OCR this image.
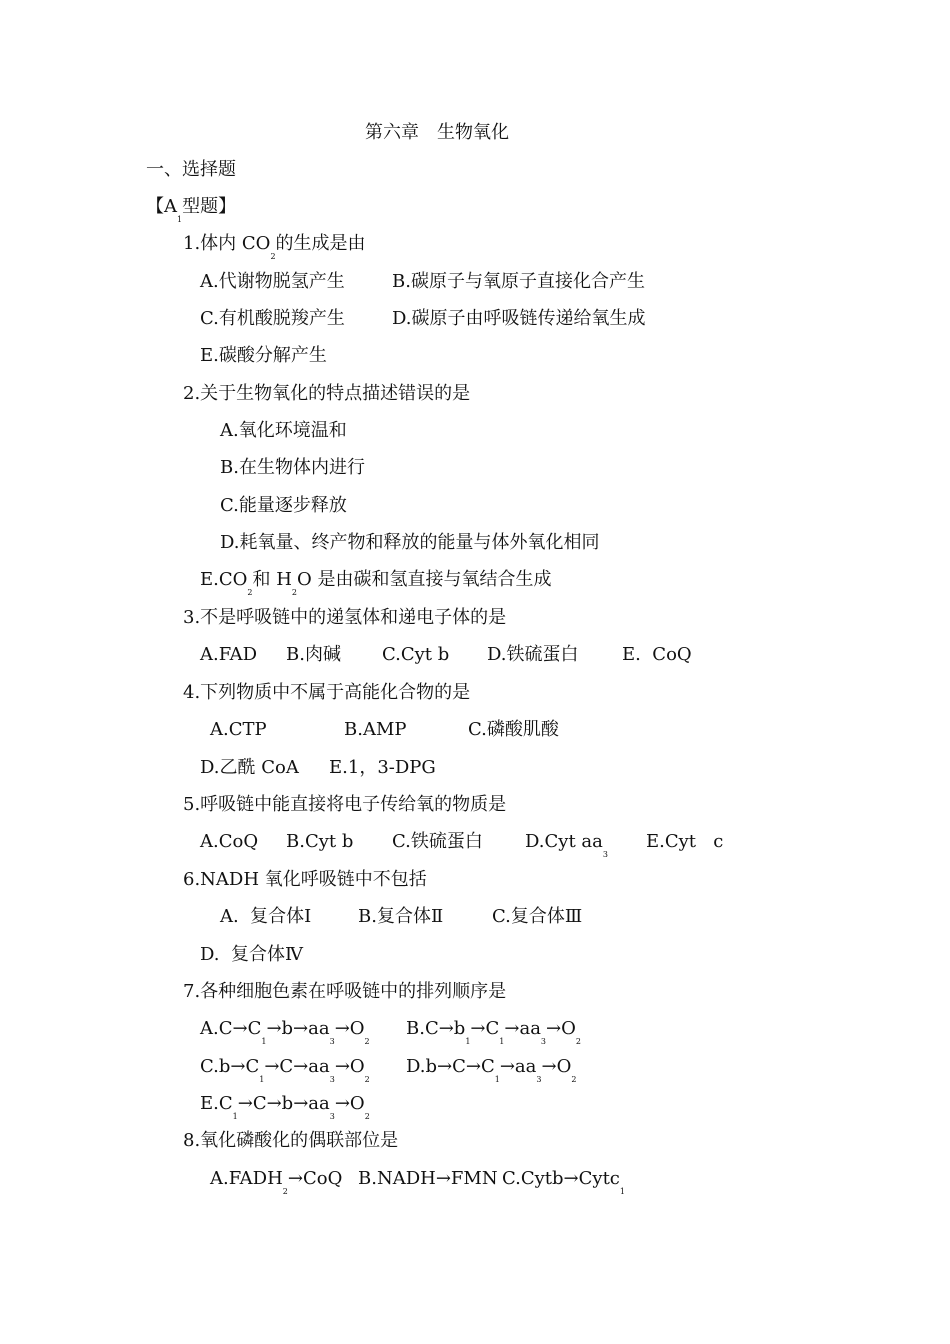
第六章　生物氧化
一、选择题
【$A_1$型题】
1.体内 $CO_2$的生成是由
A.代谢物脱氢产生	B.碳原子与氧原子直接化合产生
C.有机酸脱羧产生	D.碳原子由呼吸链传递给氧生成
E.碳酸分解产生
2.关于生物氧化的特点描述错误的是
A.氧化环境温和
B.在生物体内进行
C.能量逐步释放
D.耗氧量、终产物和释放的能量与体外氧化相同
$E.CO_2$和 $H_2O$ 是由碳和氢直接与氧结合生成
3.不是呼吸链中的递氢体和递电子体的是
A.FAD B.肉碱 C.Cyt b D.铁硫蛋白 E.  CoQ
4.下列物质中不属于高能化合物的是
A.CTP	B.AMP	C.磷酸肌酸
D.乙酰 CoA E.1，3-DPG
5.呼吸链中能直接将电子传给氧的物质是
A.CoQ B.Cyt b C.铁硫蛋白 D.Cyt $aa_3$
E.Cyt   c
6.NADH 氧化呼吸链中不包括
A.  复合体Ⅰ	B.复合体Ⅱ	C.复合体Ⅲ
D.  复合体Ⅳ
7.各种细胞色素在呼吸链中的排列顺序是
$A.C\to C_1\to b\to aa_3\to O_2$
$B.C\to b_1\to C_1\to aa_3\to O_2$
$C.b\to C_1\to C\to aa_3\to O_2$
$D.b\to C\to C_1\to aa_3\to O_2$
$E.C_1\to C\to b\to aa_3\to O_2$
8.氧化磷酸化的偶联部位是
$A.FADH_2\to CoQ$ B.NADH→FMN C.Cytb→Cytc$_1$
